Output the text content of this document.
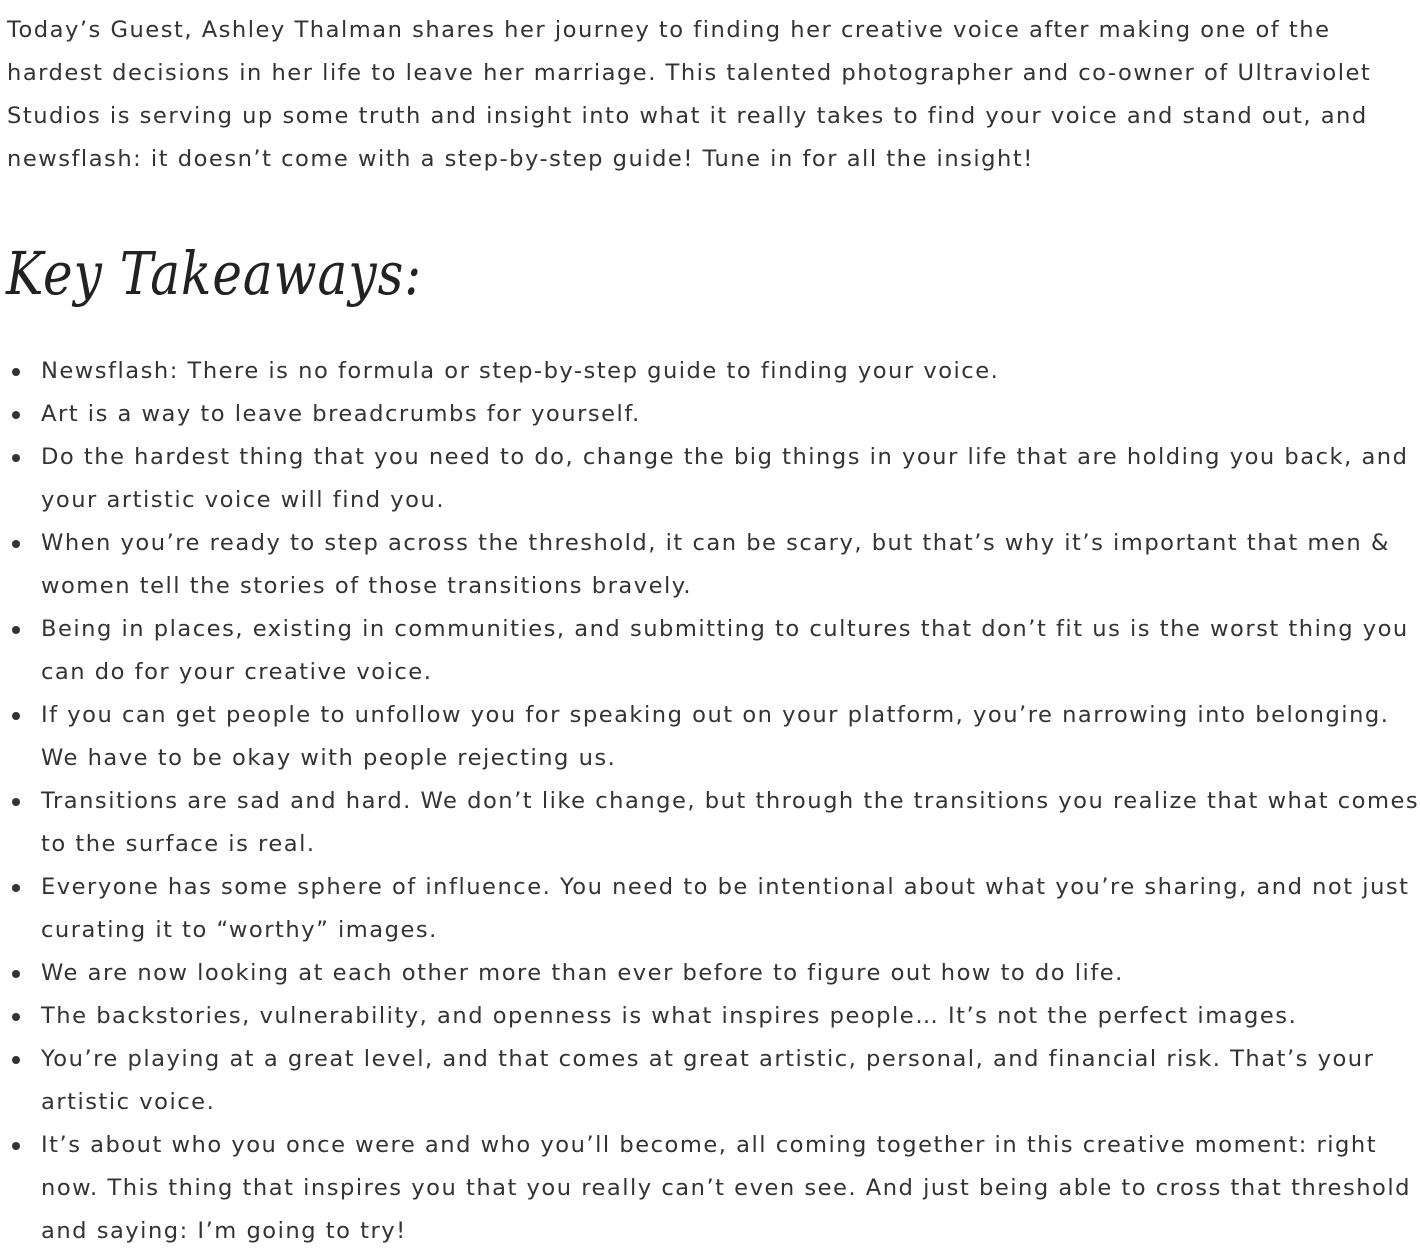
Today’s Guest, Ashley Thalman shares her journey to finding her creative voice after making one of the hardest decisions in her life to leave her marriage. This talented photographer and co-owner of Ultraviolet Studios is serving up some truth and insight into what it really takes to find your voice and stand out, and newsflash: it doesn’t come with a step-by-step guide! Tune in for all the insight!

Key Takeaways:
Newsflash: There is no formula or step-by-step guide to finding your voice.
Art is a way to leave breadcrumbs for yourself.
Do the hardest thing that you need to do, change the big things in your life that are holding you back, and your artistic voice will find you.
When you’re ready to step across the threshold, it can be scary, but that’s why it’s important that men & women tell the stories of those transitions bravely.
Being in places, existing in communities, and submitting to cultures that don’t fit us is the worst thing you can do for your creative voice.
If you can get people to unfollow you for speaking out on your platform, you’re narrowing into belonging. We have to be okay with people rejecting us.
Transitions are sad and hard. We don’t like change, but through the transitions you realize that what comes to the surface is real.
Everyone has some sphere of influence. You need to be intentional about what you’re sharing, and not just curating it to “worthy” images.
We are now looking at each other more than ever before to figure out how to do life.
The backstories, vulnerability, and openness is what inspires people… It’s not the perfect images.
You’re playing at a great level, and that comes at great artistic, personal, and financial risk. That’s your artistic voice.
It’s about who you once were and who you’ll become, all coming together in this creative moment: right now. This thing that inspires you that you really can’t even see. And just being able to cross that threshold and saying: I’m going to try!
